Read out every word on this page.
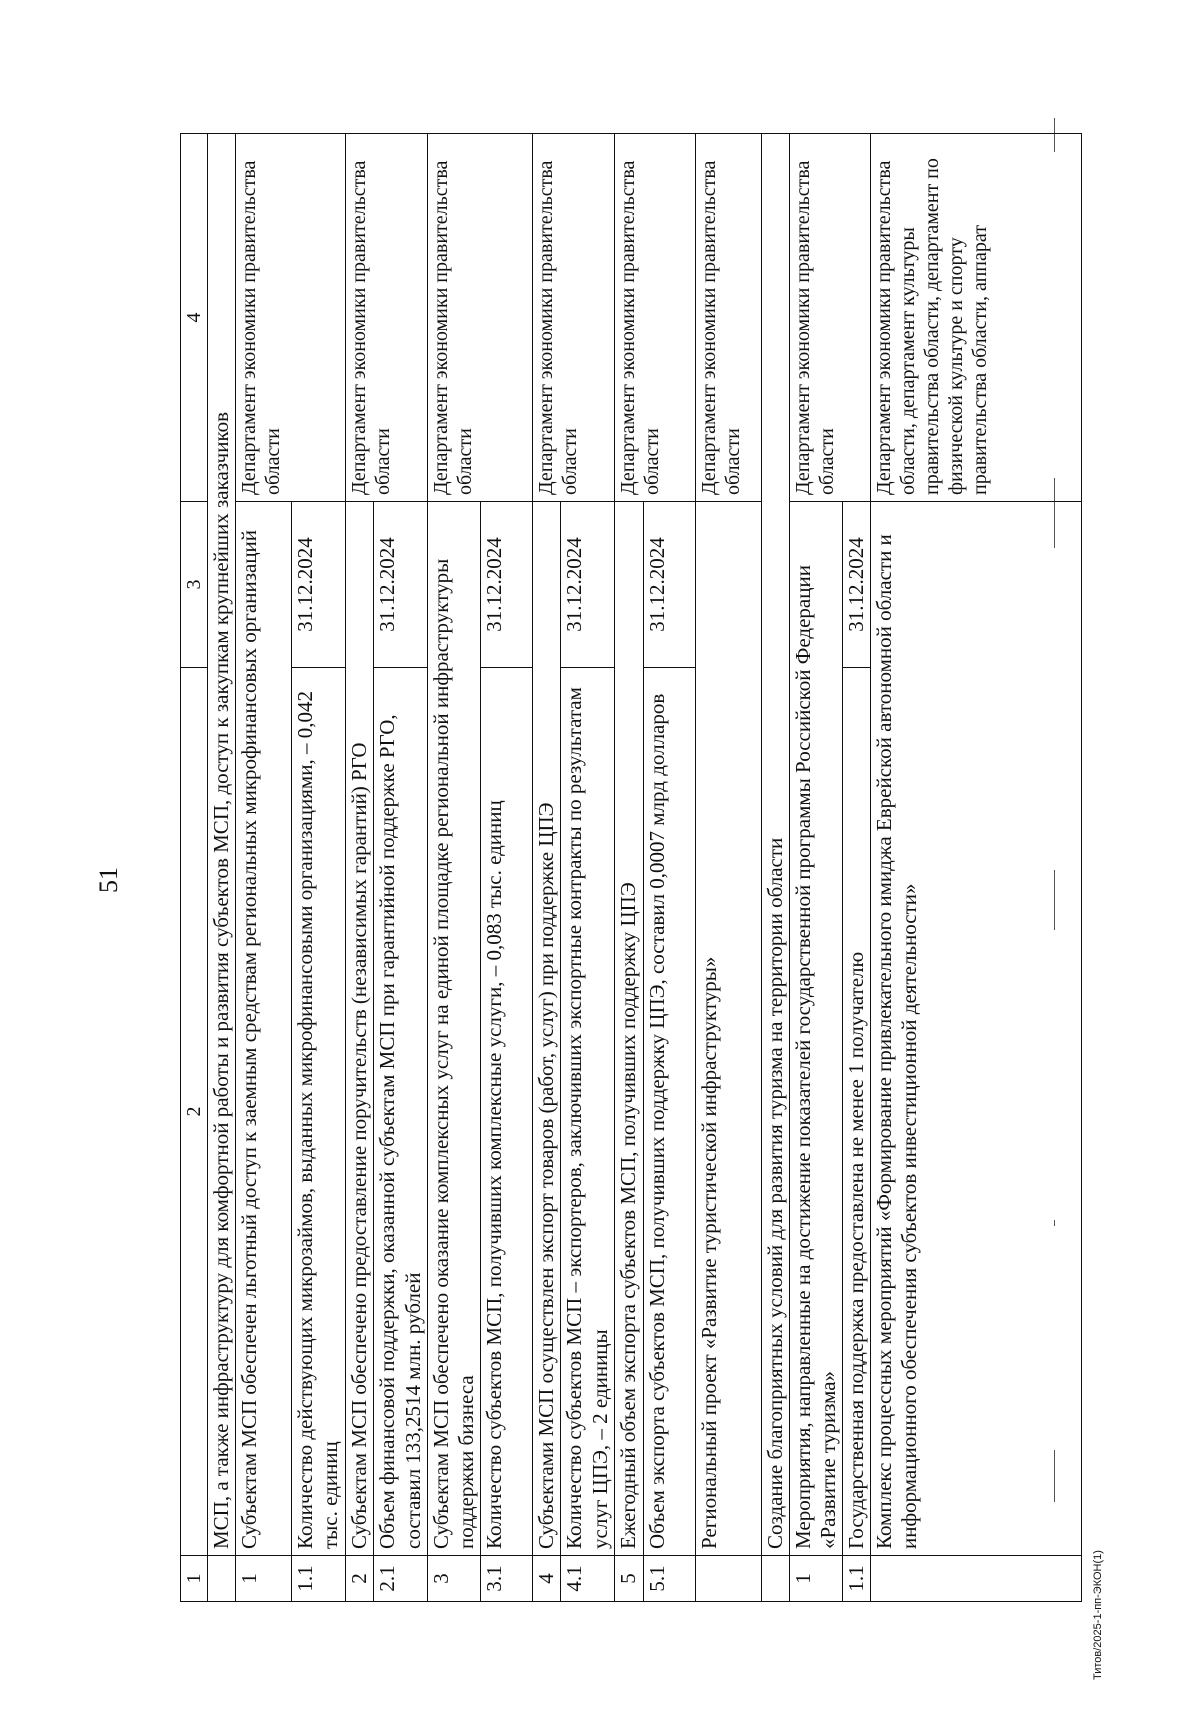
51
1	2	3	4
	МСП, а также инфраструктуру для комфортной работы и развития субъектов МСП, доступ к закупкам крупнейших заказчиков		
1	Субъектам МСП обеспечен льготный доступ к заемным средствам региональных микрофинансовых организаций		Департамент экономики правительства области
1.1	Количество действующих микрозаймов, выданных микрофинансовыми организациями, – 0,042 тыс. единиц	31.12.2024	
2	Субъектам МСП обеспечено предоставление поручительств (независимых гарантий) РГО		Департамент экономики правительства области
2.1	Объем финансовой поддержки, оказанной субъектам МСП при гарантийной поддержке РГО, составил 133,2514 млн. рублей	31.12.2024	
3	Субъектам МСП обеспечено оказание комплексных услуг на единой площадке региональной инфраструктуры поддержки бизнеса		Департамент экономики правительства области
3.1	Количество субъектов МСП, получивших комплексные услуги, – 0,083 тыс. единиц	31.12.2024	
4	Субъектами МСП осуществлен экспорт товаров (работ, услуг) при поддержке ЦПЭ		Департамент экономики правительства области
4.1	Количество субъектов МСП – экспортеров, заключивших экспортные контракты по результатам услуг ЦПЭ, – 2 единицы	31.12.2024	
5	Ежегодный объем экспорта субъектов МСП, получивших поддержку ЦПЭ		Департамент экономики правительства области
5.1	Объем экспорта субъектов МСП, получивших поддержку ЦПЭ, составил 0,0007 млрд долларов	31.12.2024	
	Региональный проект «Развитие туристической инфраструктуры»		Департамент экономики правительства области
	Создание благоприятных условий для развития туризма на территории области		
1	Мероприятия, направленные на достижение показателей государственной программы Российской Федерации «Развитие туризма»		Департамент экономики правительства области
1.1	Государственная поддержка предоставлена не менее 1 получателю	31.12.2024	
	Комплекс процессных мероприятий «Формирование привлекательного имиджа Еврейской автономной области и информационного обеспечения субъектов инвестиционной деятельности»		Департамент экономики правительства области, департамент культуры правительства области, департамент по физической культуре и спорту правительства области, аппарат
Титов/2025-1-пп-ЭКОН(1)
